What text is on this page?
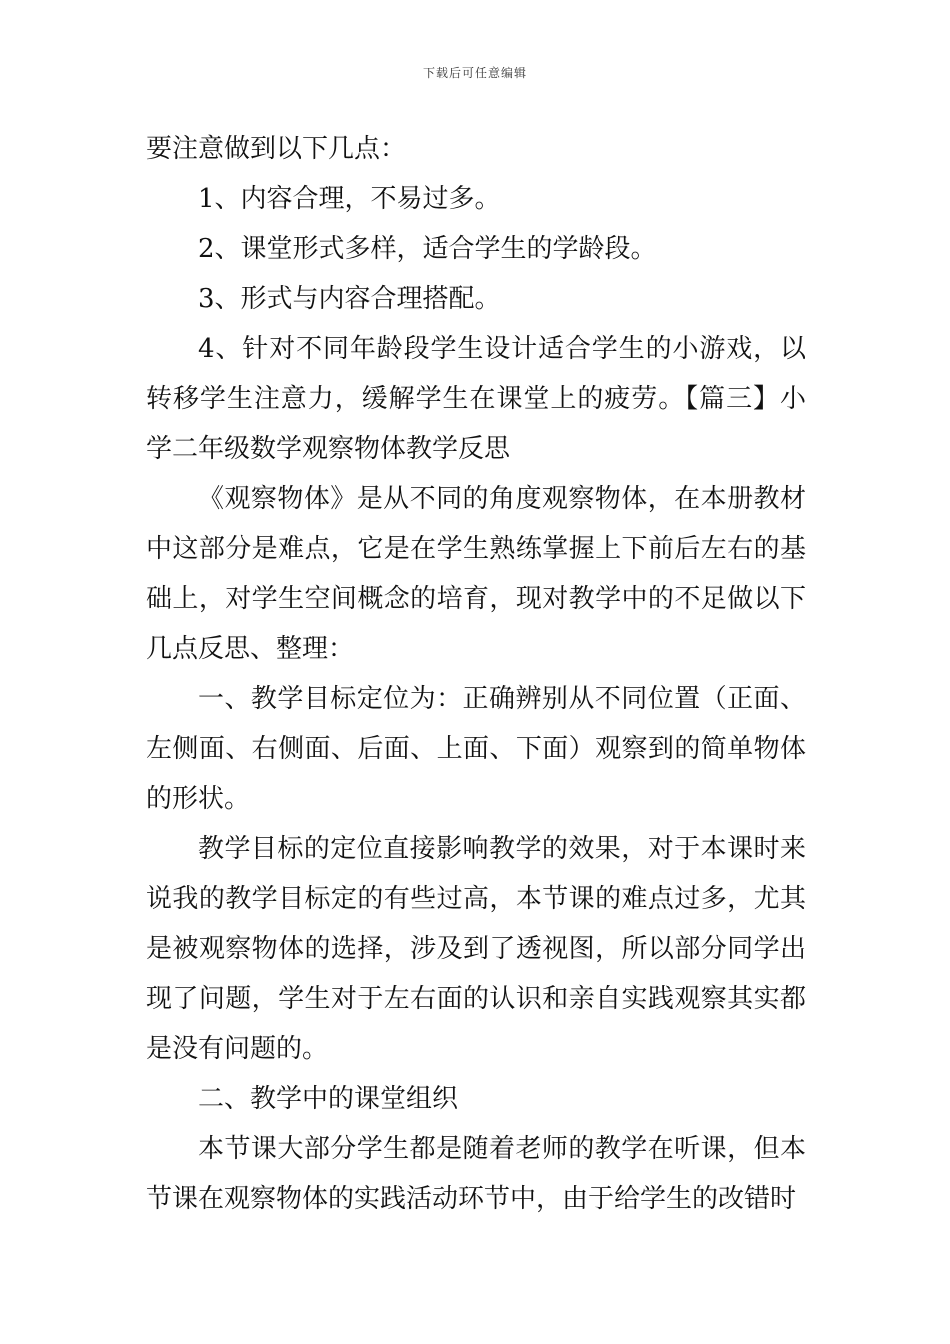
下载后可任意编辑

要注意做到以下几点：

1、内容合理，不易过多。

2、课堂形式多样，适合学生的学龄段。

3、形式与内容合理搭配。

4、针对不同年龄段学生设计适合学生的小游戏，以转移学生注意力，缓解学生在课堂上的疲劳。【篇三】小学二年级数学观察物体教学反思

《观察物体》是从不同的角度观察物体，在本册教材中这部分是难点，它是在学生熟练掌握上下前后左右的基础上，对学生空间概念的培育，现对教学中的不足做以下几点反思、整理：

一、教学目标定位为：正确辨别从不同位置（正面、左侧面、右侧面、后面、上面、下面）观察到的简单物体的形状。

教学目标的定位直接影响教学的效果，对于本课时来说我的教学目标定的有些过高，本节课的难点过多，尤其是被观察物体的选择，涉及到了透视图，所以部分同学出现了问题，学生对于左右面的认识和亲自实践观察其实都是没有问题的。

二、教学中的课堂组织

本节课大部分学生都是随着老师的教学在听课，但本节课在观察物体的实践活动环节中，由于给学生的改错时
